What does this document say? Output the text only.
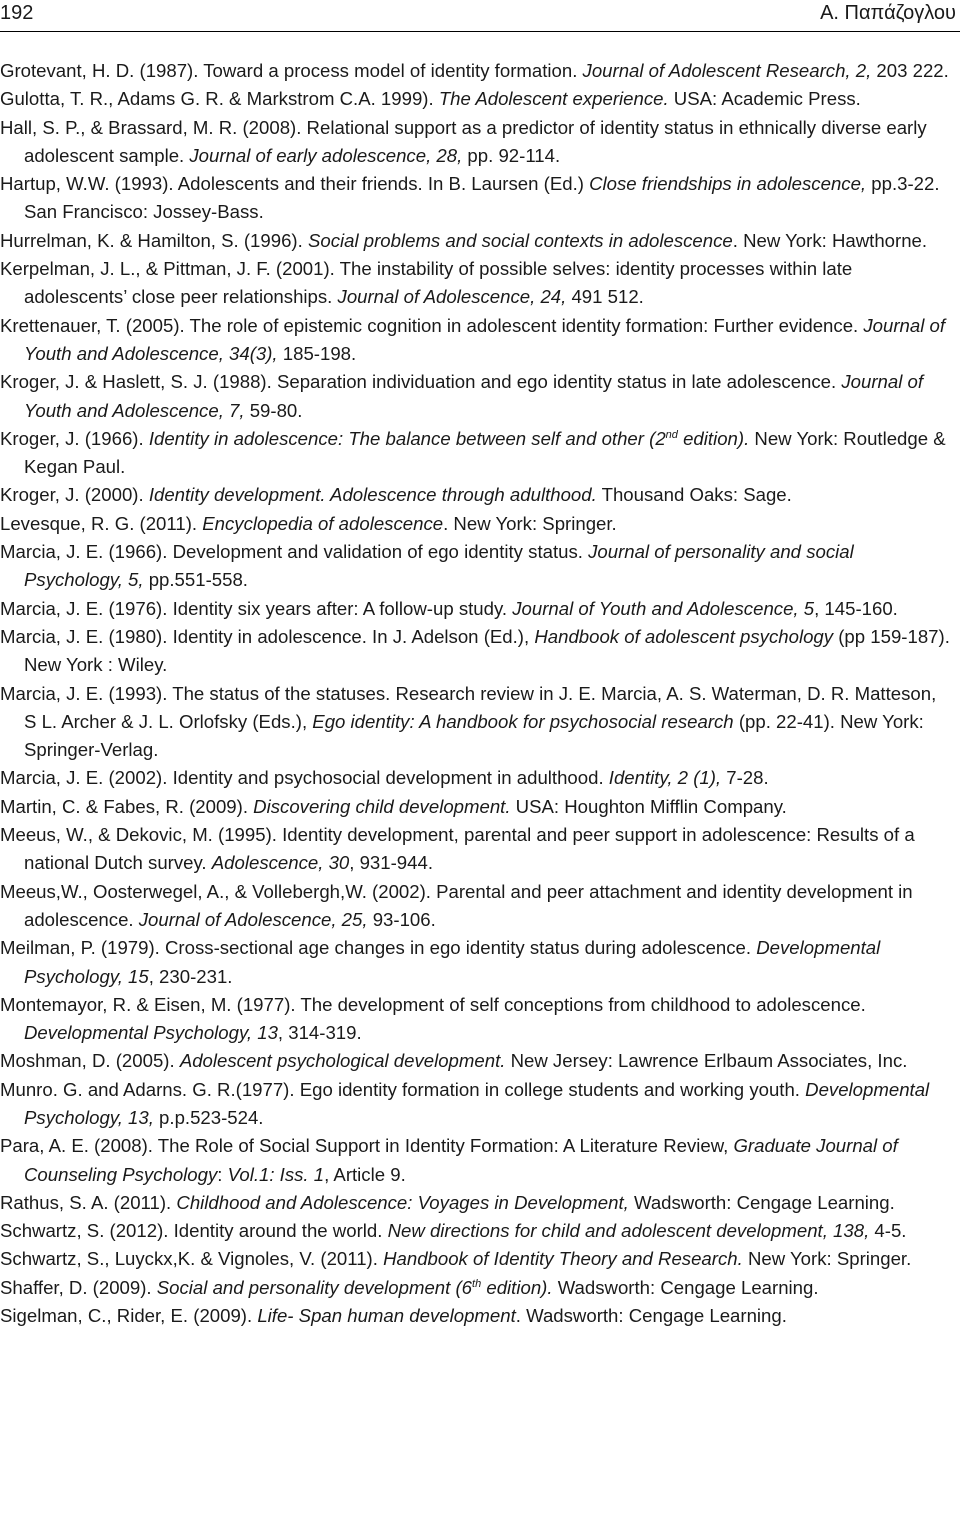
192	Α. Παπάζογλου

Grotevant, H. D. (1987). Toward a process model of identity formation. Journal of Adolescent Research, 2, 203 222.

Gulotta, T. R., Adams G. R. & Markstrom C.A. 1999). The Adolescent experience. USA: Academic Press.

Hall, S. P., & Brassard, M. R. (2008). Relational support as a predictor of identity status in ethnically diverse early adolescent sample. Journal of early adolescence, 28, pp. 92-114.

Hartup, W.W. (1993). Adolescents and their friends. In B. Laursen (Ed.) Close friendships in adolescence, pp.3-22. San Francisco: Jossey-Bass.

Hurrelman, K. & Hamilton, S. (1996). Social problems and social contexts in adolescence. New York: Hawthorne.

Kerpelman, J. L., & Pittman, J. F. (2001). The instability of possible selves: identity processes within late adolescents’ close peer relationships. Journal of Adolescence, 24, 491 512.

Krettenauer, T. (2005). The role of epistemic cognition in adolescent identity formation: Further evidence. Journal of Youth and Adolescence, 34(3), 185-198.

Kroger, J. & Haslett, S. J. (1988). Separation individuation and ego identity status in late adolescence. Journal of Youth and Adolescence, 7, 59-80.

Kroger, J. (1966). Identity in adolescence: The balance between self and other (2nd edition). New York: Routledge & Kegan Paul.

Kroger, J. (2000). Identity development. Adolescence through adulthood. Thousand Oaks: Sage.

Levesque, R. G. (2011). Encyclopedia of adolescence. New York: Springer.

Marcia, J. E. (1966). Development and validation of ego identity status. Journal of personality and social Psychology, 5, pp.551-558.

Marcia, J. E. (1976). Identity six years after: A follow-up study. Journal of Youth and Adolescence, 5, 145-160.

Marcia, J. E. (1980). Identity in adolescence. In J. Adelson (Ed.), Handbook of adolescent psychology (pp 159-187). New York : Wiley.

Marcia, J. E. (1993). The status of the statuses. Research review in J. E. Marcia, A. S. Waterman, D. R. Matteson, S L. Archer & J. L. Orlofsky (Eds.), Ego identity: A handbook for psychosocial research (pp. 22-41). New York: Springer-Verlag.

Marcia, J. E. (2002). Identity and psychosocial development in adulthood. Identity, 2 (1), 7-28.

Martin, C. & Fabes, R. (2009). Discovering child development. USA: Houghton Mifflin Company.

Meeus, W., & Dekovic, M. (1995). Identity development, parental and peer support in adolescence: Results of a national Dutch survey. Adolescence, 30, 931-944.

Meeus,W., Oosterwegel, A., & Vollebergh,W. (2002). Parental and peer attachment and identity development in adolescence. Journal of Adolescence, 25, 93-106.

Meilman, P. (1979). Cross-sectional age changes in ego identity status during adolescence. Developmental Psychology, 15, 230-231.

Montemayor, R. & Eisen, M. (1977). The development of self conceptions from childhood to adolescence. Developmental Psychology, 13, 314-319.

Moshman, D. (2005). Adolescent psychological development. New Jersey: Lawrence Erlbaum Associates, Inc.

Munro. G. and Adarns. G. R.(1977). Ego identity formation in college students and working youth. Developmental Psychology, 13, p.p.523-524.

Para, A. E. (2008). The Role of Social Support in Identity Formation: A Literature Review, Graduate Journal of Counseling Psychology: Vol.1: Iss. 1, Article 9.

Rathus, S. A. (2011). Childhood and Adolescence: Voyages in Development, Wadsworth: Cengage Learning.

Schwartz, S. (2012). Identity around the world. New directions for child and adolescent development, 138, 4-5.

Schwartz, S., Luyckx,K. & Vignoles, V. (2011). Handbook of Identity Theory and Research. New York: Springer.

Shaffer, D. (2009). Social and personality development (6th edition). Wadsworth: Cengage Learning.

Sigelman, C., Rider, E. (2009). Life- Span human development. Wadsworth: Cengage Learning.
